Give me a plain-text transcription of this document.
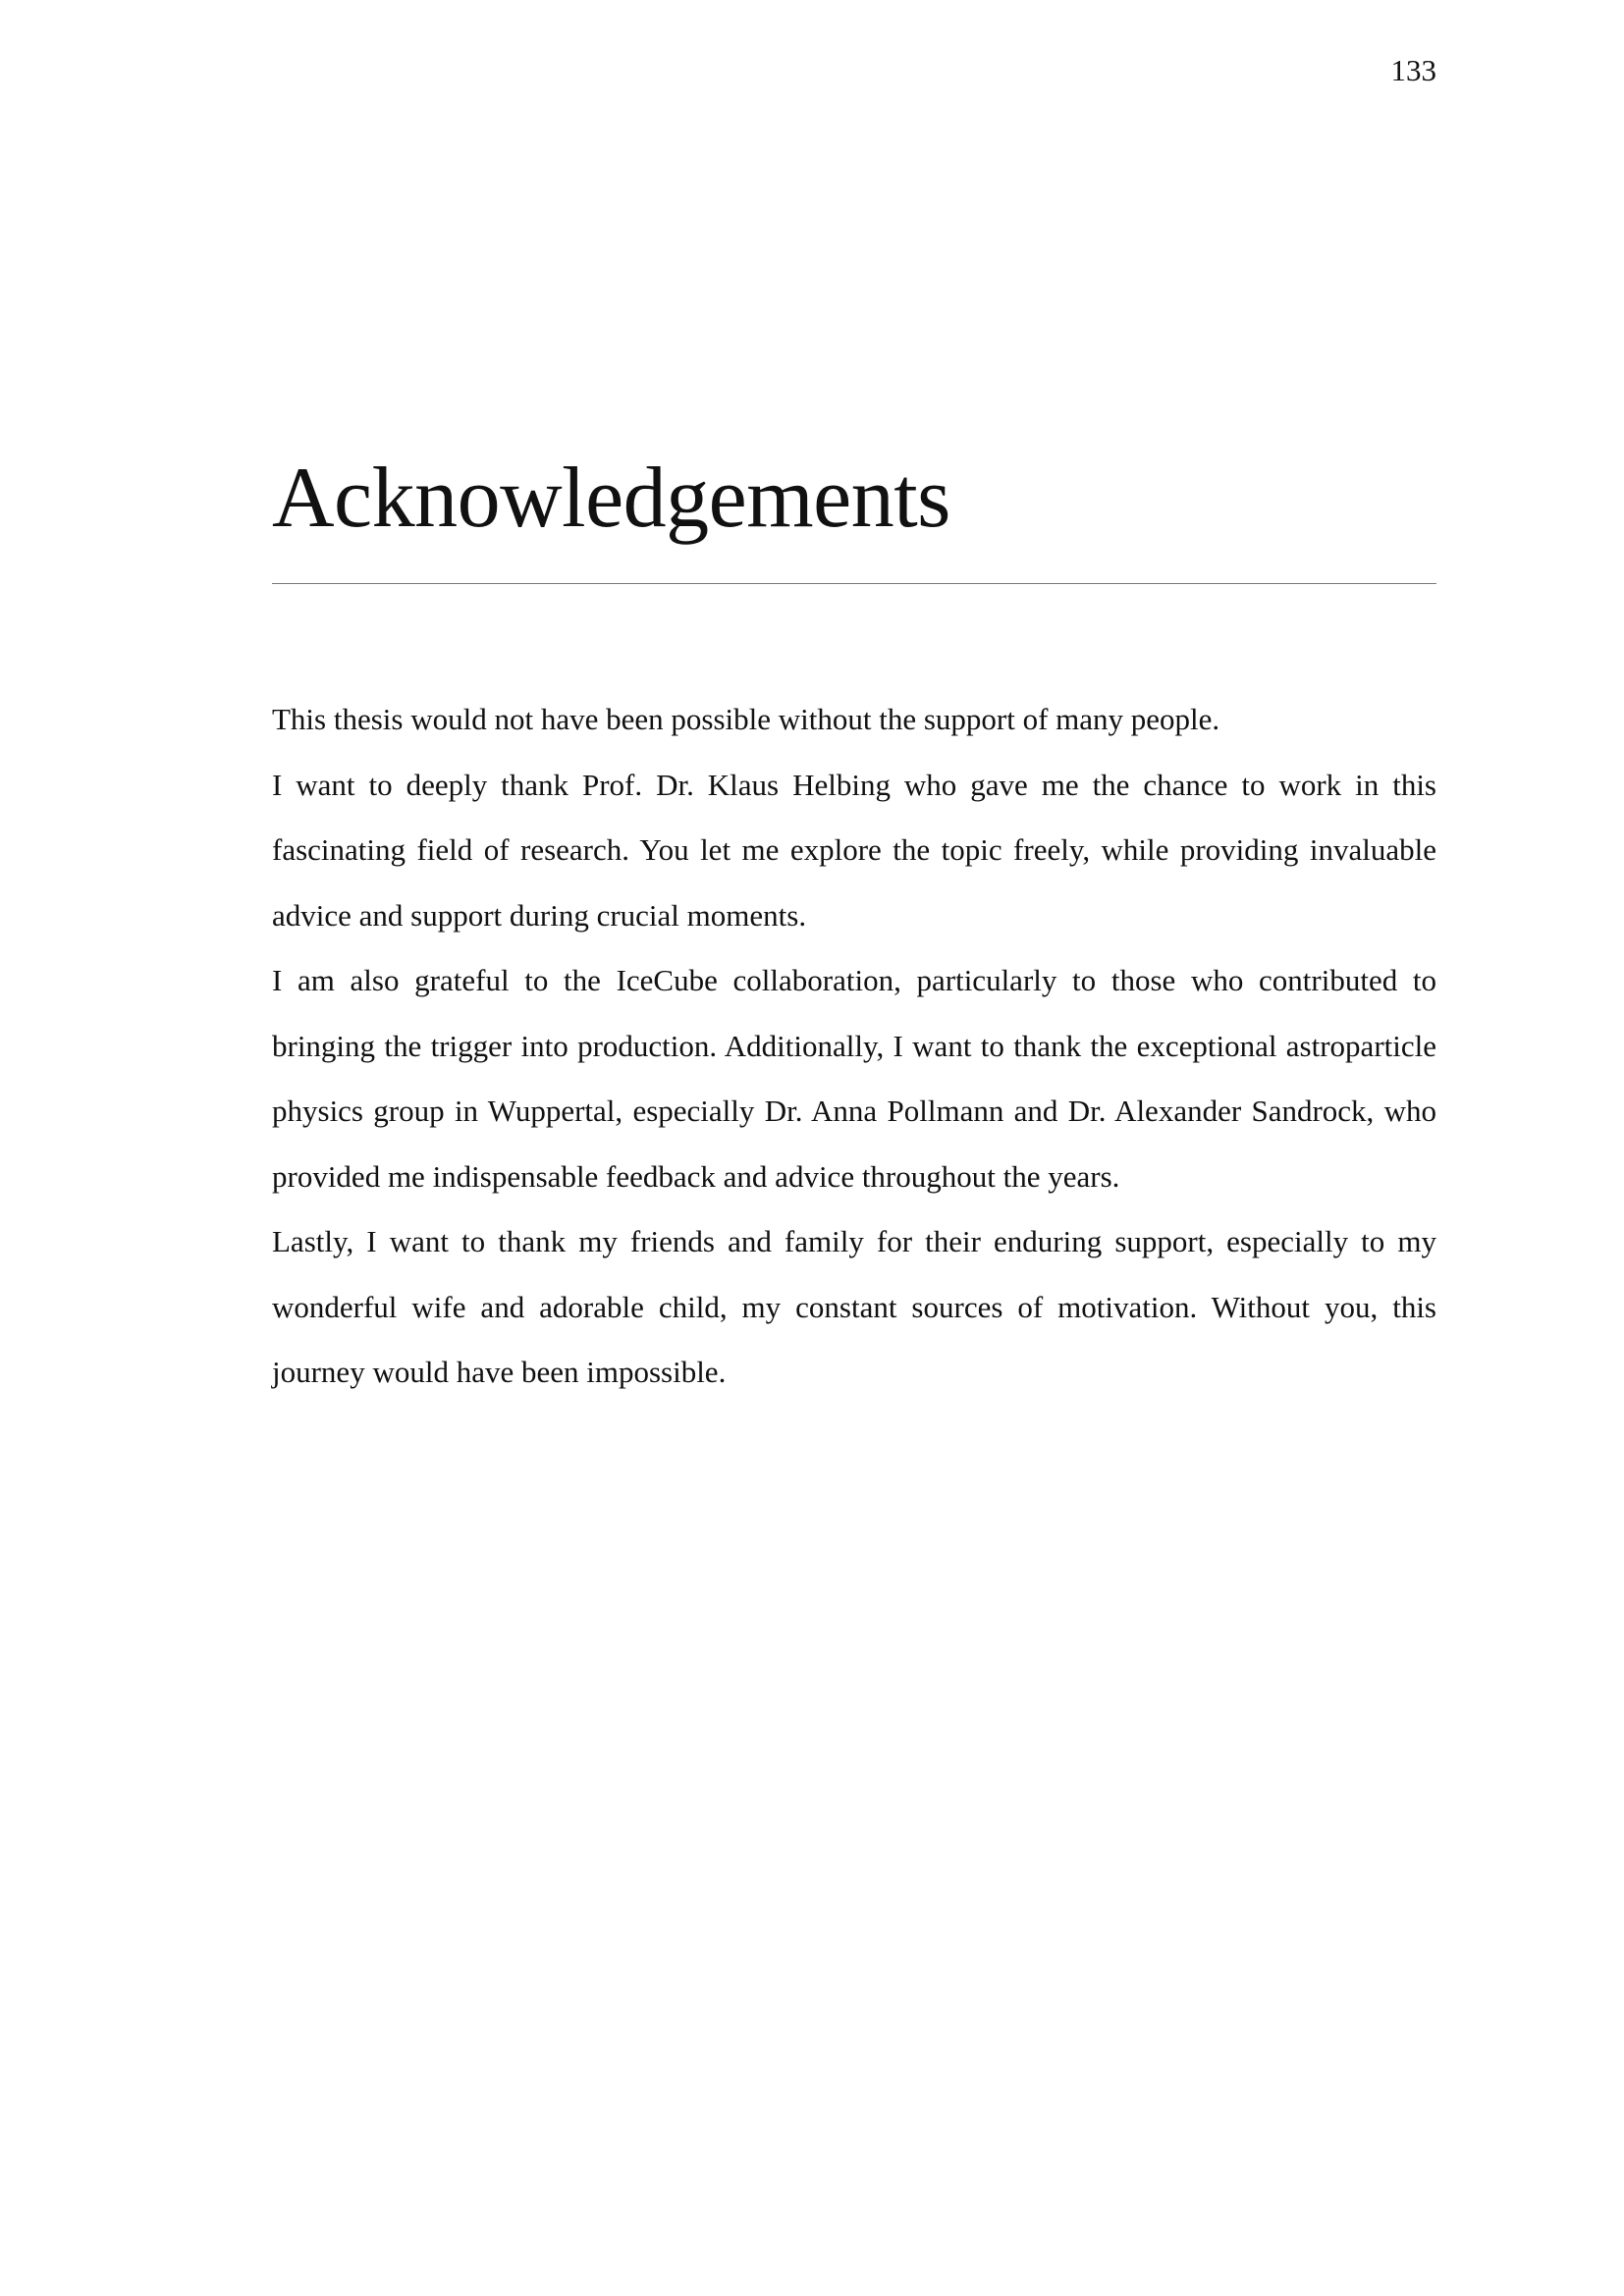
133
Acknowledgements

This thesis would not have been possible without the support of many people.

I want to deeply thank Prof. Dr. Klaus Helbing who gave me the chance to work in this fascinating field of research. You let me explore the topic freely, while providing invaluable advice and support during crucial moments.

I am also grateful to the IceCube collaboration, particularly to those who contributed to bringing the trigger into production. Additionally, I want to thank the exceptional astroparticle physics group in Wuppertal, especially Dr. Anna Pollmann and Dr. Alexander Sandrock, who provided me indispensable feedback and advice throughout the years.

Lastly, I want to thank my friends and family for their enduring support, especially to my wonderful wife and adorable child, my constant sources of motivation. Without you, this journey would have been impossible.
